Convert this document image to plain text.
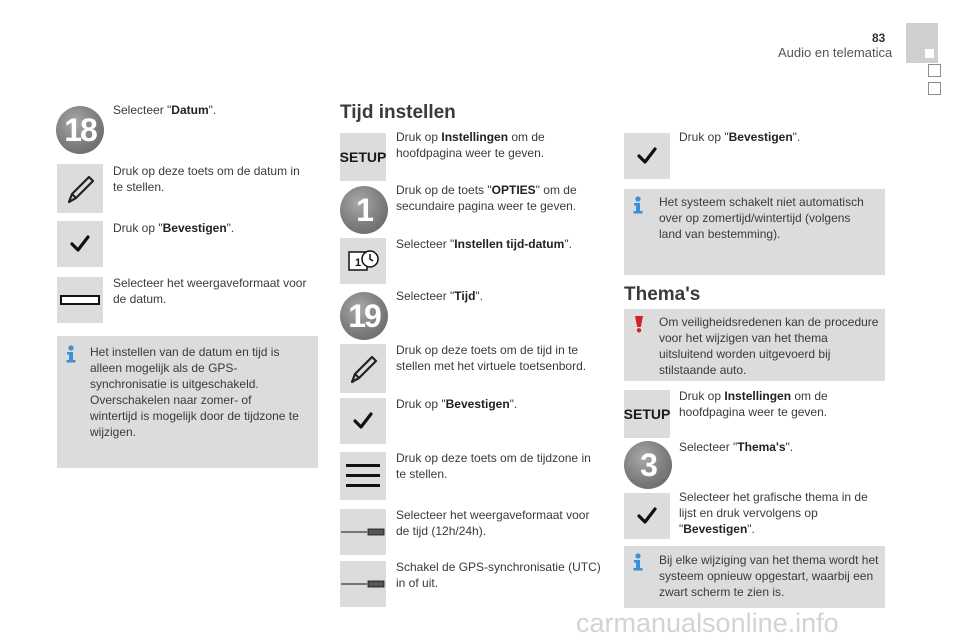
83
Audio en telematica
18
Selecteer "Datum".
Druk op deze toets om de datum in te stellen.
Druk op "Bevestigen".
Selecteer het weergaveformaat voor de datum.
Het instellen van de datum en tijd is alleen mogelijk als de GPS-synchronisatie is uitgeschakeld. Overschakelen naar zomer- of wintertijd is mogelijk door de tijdzone te wijzigen.
Tijd instellen
SETUP
Druk op Instellingen om de hoofdpagina weer te geven.
1
Druk op de toets "OPTIES" om de secundaire pagina weer te geven.
1
Selecteer "Instellen tijd-datum".
19
Selecteer "Tijd".
Druk op deze toets om de tijd in te stellen met het virtuele toetsenbord.
Druk op "Bevestigen".
Druk op deze toets om de tijdzone in te stellen.
Selecteer het weergaveformaat voor de tijd (12h/24h).
Schakel de GPS-synchronisatie (UTC) in of uit.
Druk op "Bevestigen".
Het systeem schakelt niet automatisch over op zomertijd/wintertijd (volgens land van bestemming).
Thema's
Om veiligheidsredenen kan de procedure voor het wijzigen van het thema uitsluitend worden uitgevoerd bij stilstaande auto.
SETUP
Druk op Instellingen om de hoofdpagina weer te geven.
3 Selecteer "Thema's".
Selecteer het grafische thema in de lijst en druk vervolgens op "Bevestigen".
Bij elke wijziging van het thema wordt het systeem opnieuw opgestart, waarbij een zwart scherm te zien is.
carmanualsonline.info
